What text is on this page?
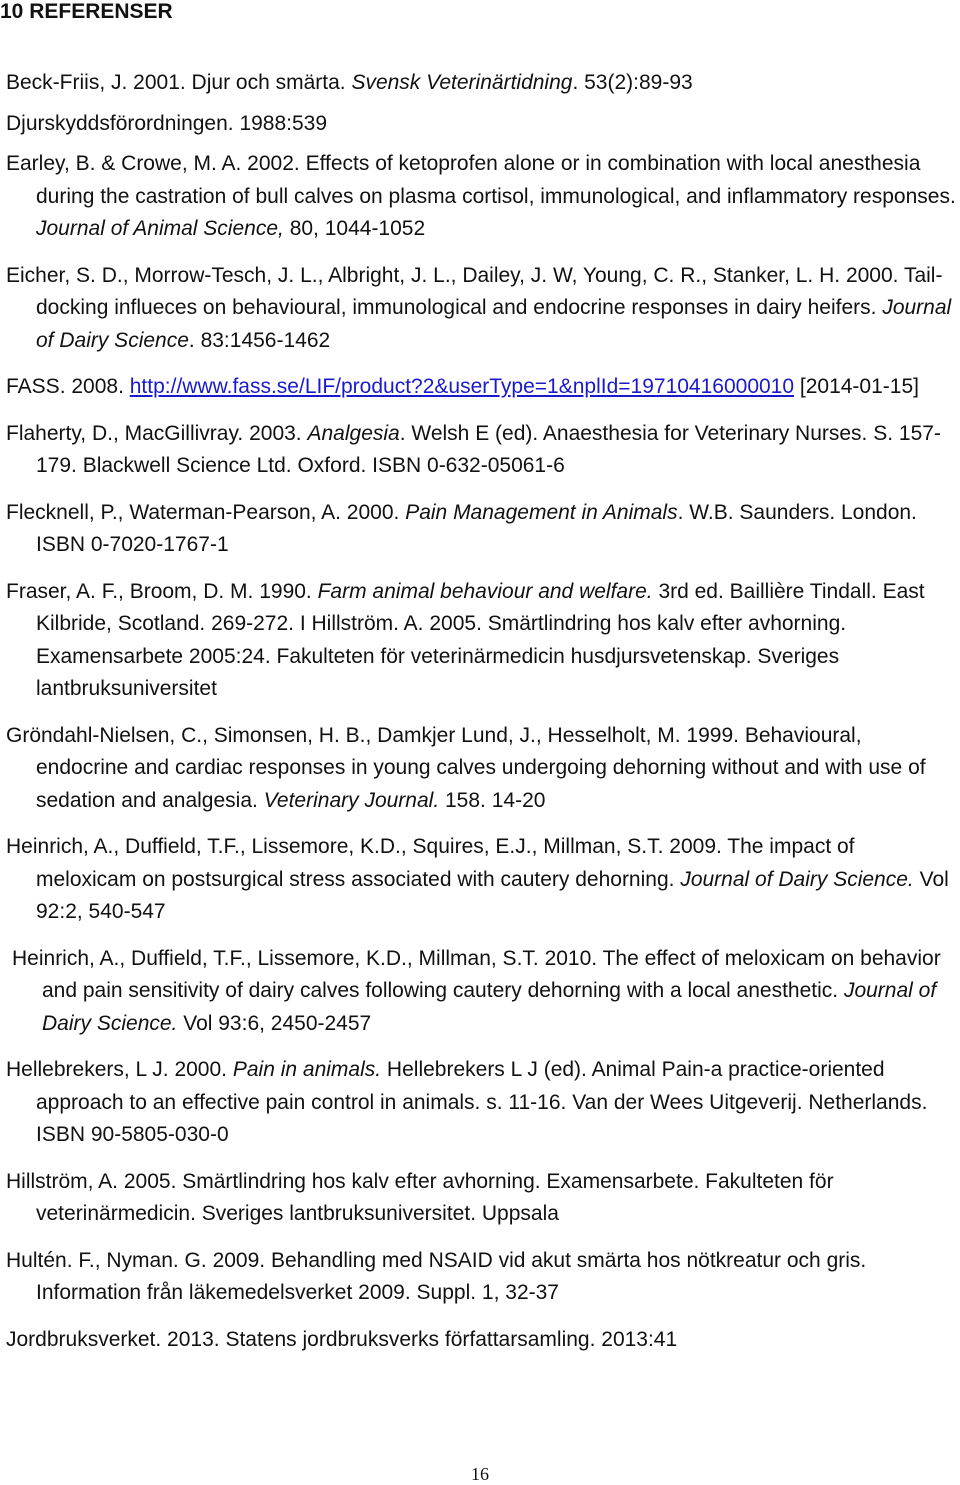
10 REFERENSER

Beck-Friis, J. 2001. Djur och smärta. Svensk Veterinärtidning. 53(2):89-93

Djurskyddsförordningen. 1988:539

Earley, B. & Crowe, M. A. 2002. Effects of ketoprofen alone or in combination with local anesthesia during the castration of bull calves on plasma cortisol, immunological, and inflammatory responses. Journal of Animal Science, 80, 1044-1052

Eicher, S. D., Morrow-Tesch, J. L., Albright, J. L., Dailey, J. W, Young, C. R., Stanker, L. H. 2000. Tail-docking influeces on behavioural, immunological and endocrine responses in dairy heifers. Journal of Dairy Science. 83:1456-1462

FASS. 2008. http://www.fass.se/LIF/product?2&userType=1&nplId=19710416000010 [2014-01-15]

Flaherty, D., MacGillivray. 2003. Analgesia. Welsh E (ed). Anaesthesia for Veterinary Nurses. S. 157- 179. Blackwell Science Ltd. Oxford. ISBN 0-632-05061-6

Flecknell, P., Waterman-Pearson, A. 2000. Pain Management in Animals. W.B. Saunders. London. ISBN 0-7020-1767-1

Fraser, A. F., Broom, D. M. 1990. Farm animal behaviour and welfare. 3rd ed. Baillière Tindall. East Kilbride, Scotland. 269-272. I Hillström. A. 2005. Smärtlindring hos kalv efter avhorning. Examensarbete 2005:24. Fakulteten för veterinärmedicin husdjursvetenskap. Sveriges lantbruksuniversitet

Gröndahl-Nielsen, C., Simonsen, H. B., Damkjer Lund, J., Hesselholt, M. 1999. Behavioural, endocrine and cardiac responses in young calves undergoing dehorning without and with use of sedation and analgesia. Veterinary Journal. 158. 14-20

Heinrich, A., Duffield, T.F., Lissemore, K.D., Squires, E.J., Millman, S.T. 2009. The impact of meloxicam on postsurgical stress associated with cautery dehorning. Journal of Dairy Science. Vol 92:2, 540-547

Heinrich, A., Duffield, T.F., Lissemore, K.D., Millman, S.T. 2010. The effect of meloxicam on behavior and pain sensitivity of dairy calves following cautery dehorning with a local anesthetic. Journal of Dairy Science. Vol 93:6, 2450-2457

Hellebrekers, L J. 2000. Pain in animals. Hellebrekers L J (ed). Animal Pain-a practice-oriented approach to an effective pain control in animals. s. 11-16. Van der Wees Uitgeverij. Netherlands. ISBN 90-5805-030-0

Hillström, A. 2005. Smärtlindring hos kalv efter avhorning. Examensarbete. Fakulteten för veterinärmedicin. Sveriges lantbruksuniversitet. Uppsala

Hultén. F., Nyman. G. 2009. Behandling med NSAID vid akut smärta hos nötkreatur och gris. Information från läkemedelsverket 2009. Suppl. 1, 32-37

Jordbruksverket. 2013. Statens jordbruksverks författarsamling. 2013:41

16
